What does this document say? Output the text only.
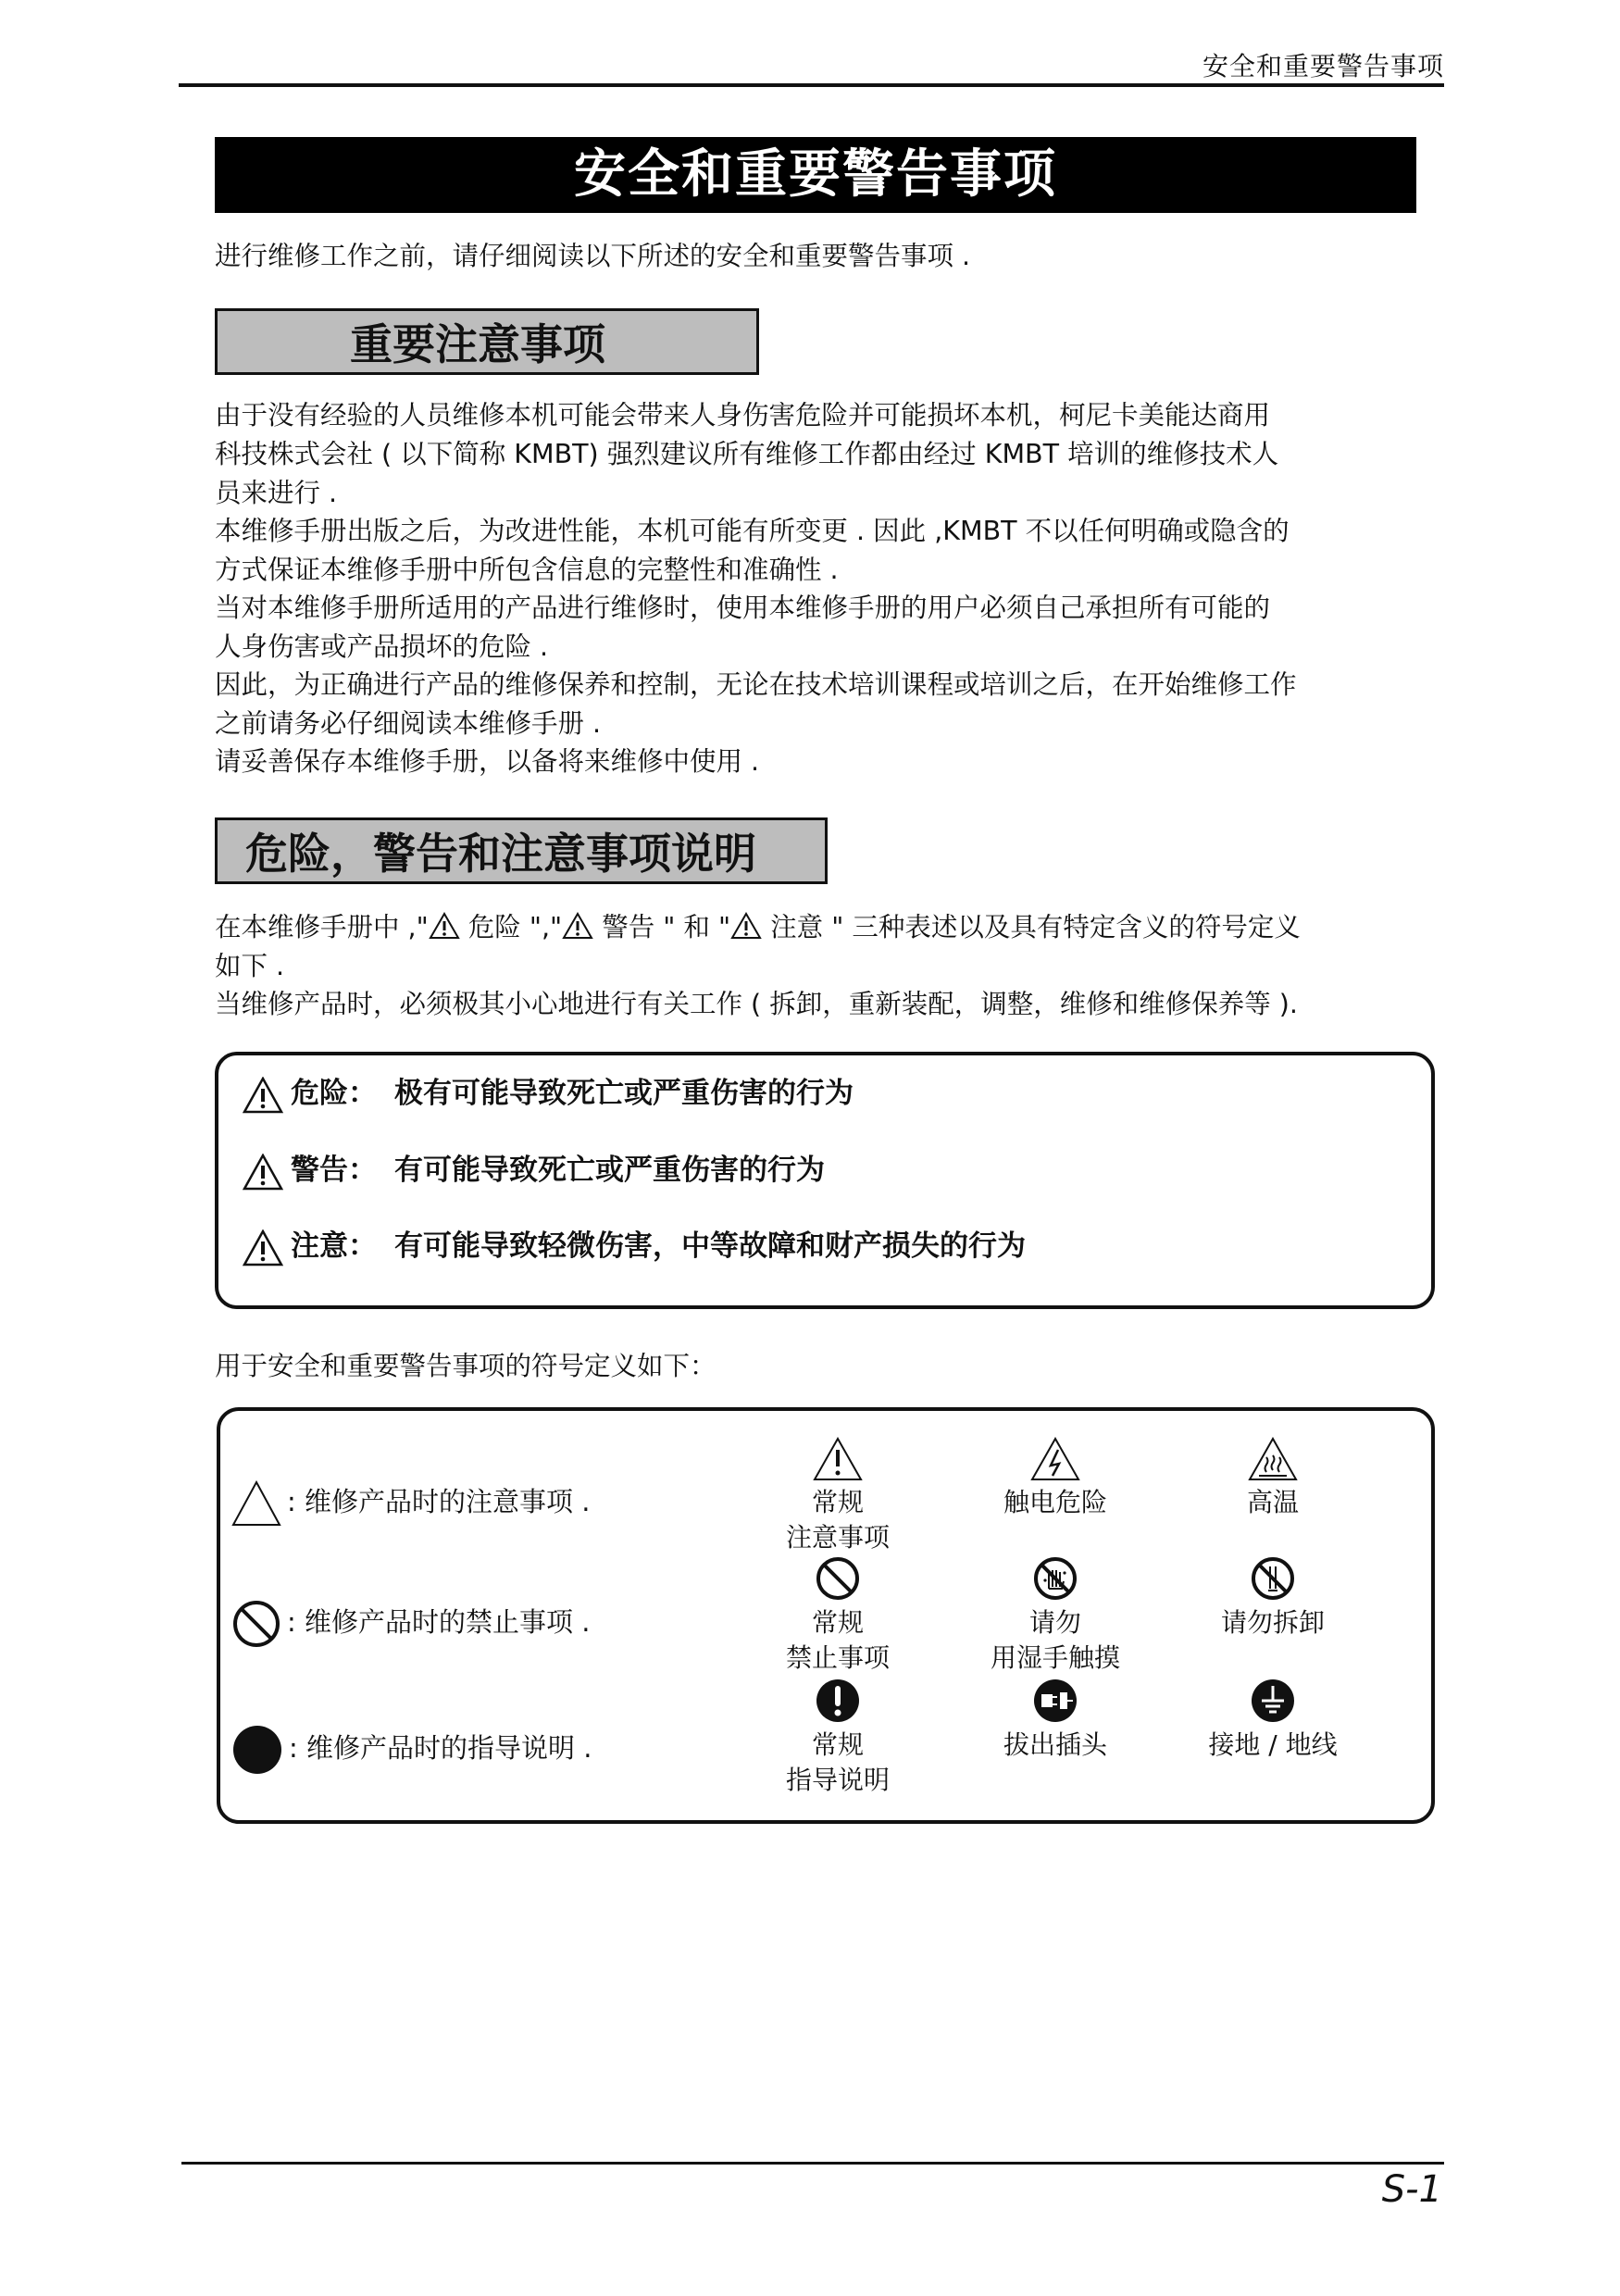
安全和重要警告事项
安全和重要警告事项
进行维修工作之前，请仔细阅读以下所述的安全和重要警告事项 .
重要注意事项
由于没有经验的人员维修本机可能会带来人身伤害危险并可能损坏本机，柯尼卡美能达商用
科技株式会社 ( 以下简称 KMBT) 强烈建议所有维修工作都由经过 KMBT 培训的维修技术人
员来进行 .
本维修手册出版之后，为改进性能，本机可能有所变更 . 因此 ,KMBT 不以任何明确或隐含的
方式保证本维修手册中所包含信息的完整性和准确性 .
当对本维修手册所适用的产品进行维修时，使用本维修手册的用户必须自己承担所有可能的
人身伤害或产品损坏的危险 .
因此，为正确进行产品的维修保养和控制，无论在技术培训课程或培训之后，在开始维修工作
之前请务必仔细阅读本维修手册 .
请妥善保存本维修手册，以备将来维修中使用 .
危险，警告和注意事项说明
在本维修手册中 ," 危险 "," 警告 " 和 " 注意 " 三种表述以及具有特定含义的符号定义
如下 .
当维修产品时，必须极其小心地进行有关工作 ( 拆卸，重新装配，调整，维修和维修保养等 ).
危险： 极有可能导致死亡或严重伤害的行为
警告： 有可能导致死亡或严重伤害的行为
注意： 有可能导致轻微伤害，中等故障和财产损失的行为
用于安全和重要警告事项的符号定义如下：
: 维修产品时的注意事项 .
: 维修产品时的禁止事项 .
: 维修产品时的指导说明 .
常规
注意事项
触电危险	高温
常规
禁止事项
请勿
用湿手触摸
请勿拆卸
常规
指导说明
拔出插头	接地 / 地线
S-1
